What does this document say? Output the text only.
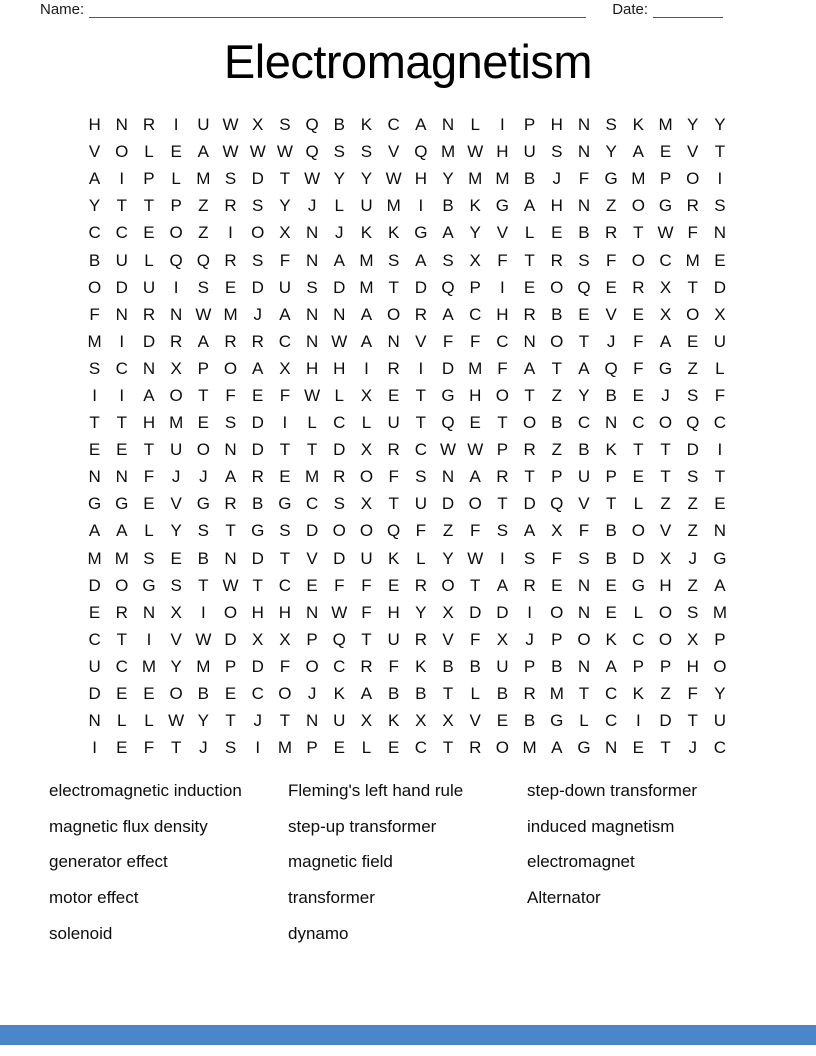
Name:	Date:
Electromagnetism
H N R	I	U W X S Q B K C A N L	I	P H N S K M Y Y
V O L E A W W W Q S S V Q M W H U S N Y A E V T
A	I	P L M S D T W Y Y W H Y M M B	J	F G M P O	I
Y T T P Z R S Y	J	L U M	I	B K G A H N Z O G R S
C C E O Z	I	O X N J	K K G A Y V L E B R T W F N
B U L Q Q R S F N A M S A S X F T R S F O C M E
O D U	I	S E D U S D M T D Q P	I	E O Q E R X T D
F N R N W M J	A N N A O R A C H R B E V E X O X
M	I	D R A R R C N W A N V F F C N O T	J	F A E U
S C N X P O A X H H	I	R	I	D M F A T A Q F G Z	L
I	I	A O T F E F W L X E T G H O T Z Y B E	J	S F
T T H M E S D	I	L C L U T Q E T O B C N C O Q C
E E T U O N D T T D X R C W W P R Z B K T T D	I
N N F	J	J	A R E M R O F S N A R T P U P E T S T
G G E V G R B G C S X T U D O T D Q V T	L	Z Z E
A A L Y S T G S D O O Q F Z F S A X F B O V Z N
M M S E B N D T V D U K L Y W I	S F S B D X	J G
D O G S T W T C E F F E R O T A R E N E G H Z A
E R N X	I	O H H N W F H Y X D D	I	O N E L O S M
C T	I	V W D X X P Q T U R V F X	J	P O K C O X P
U C M Y M P D F O C R F K B B U P B N A P P H O
D E E O B E C O J	K A B B T	L B R M T C K Z F Y
N L	L W Y T	J	T N U X K X X V E B G L C	I	D T U
I	E F T	J	S	I	M P E L E C T R O M A G N E T	J C
electromagnetic induction
magnetic flux density
generator effect
motor effect
solenoid
Fleming's left hand rule
step-up transformer
magnetic field
transformer
dynamo
step-down transformer
induced magnetism
electromagnet
Alternator
